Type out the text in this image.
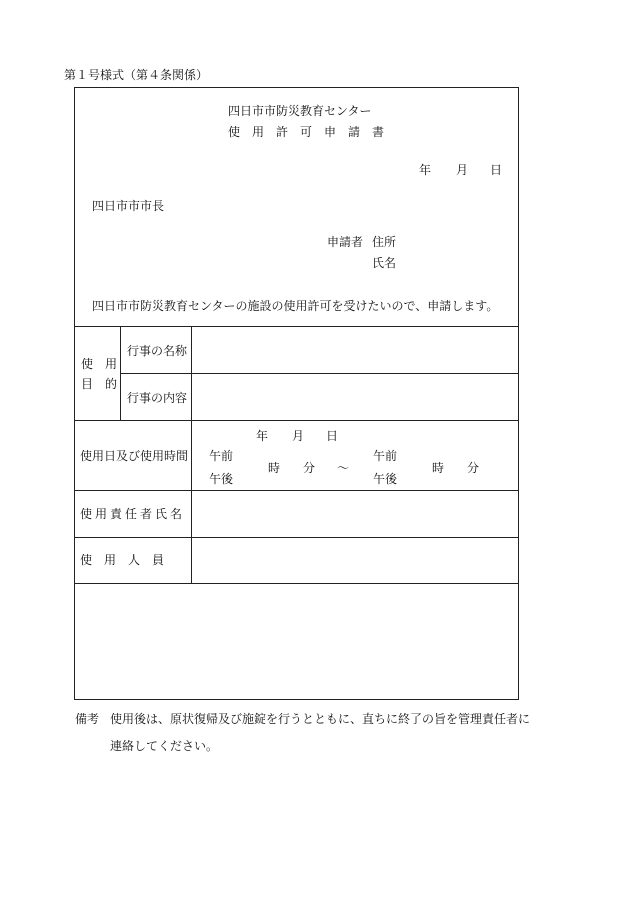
第１号様式（第４条関係）
四日市市防災教育センター
使　用　許　可　申　請　書
年 月 日
四日市市市長
申請者 住所
氏名
四日市市防災教育センターの施設の使用許可を受けたいので、申請します。
使　用
目　的
行事の名称
行事の内容
使用日及び使用時間
年 月 日
午前
午後
時 分 ～
午前
午後
時 分
使用責任者氏名
使　用　人　員
備考 使用後は、原状復帰及び施錠を行うとともに、直ちに終了の旨を管理責任者に
連絡してください。
